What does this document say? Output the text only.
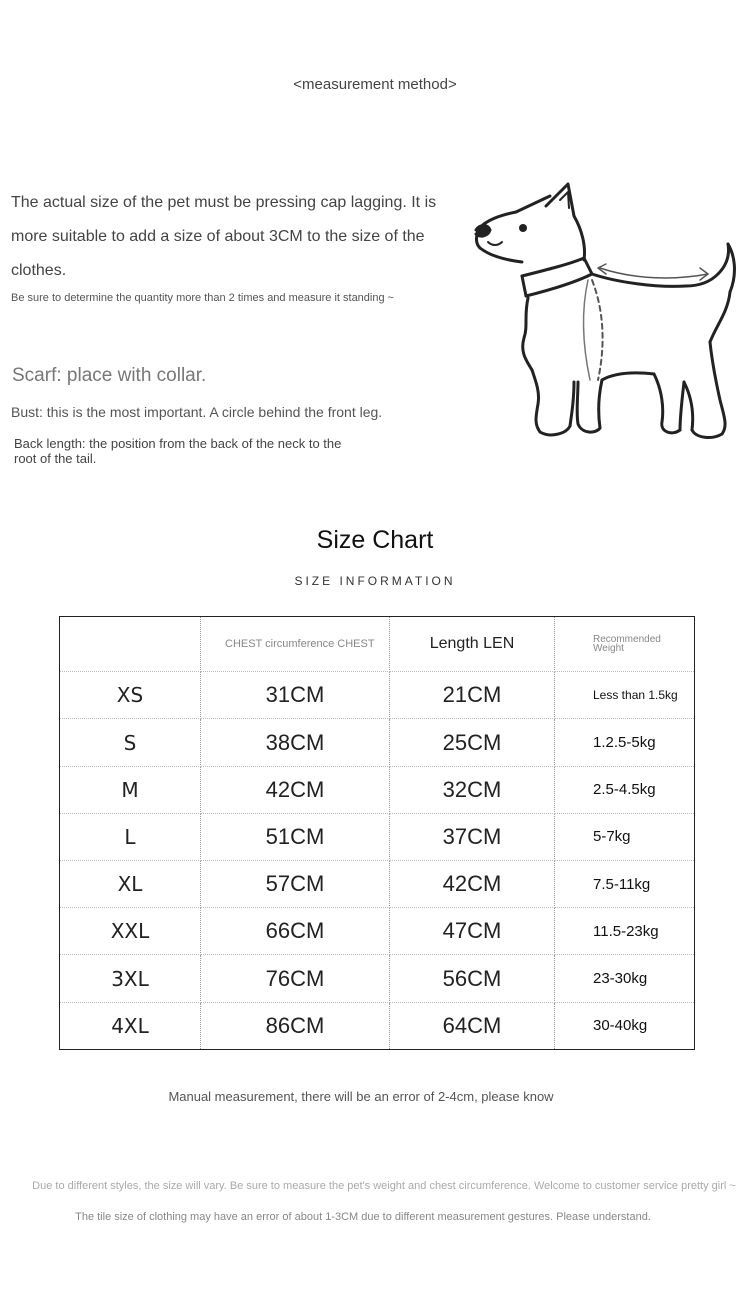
<measurement method>
The actual size of the pet must be pressing cap lagging. It is more suitable to add a size of about 3CM to the size of the clothes.
Be sure to determine the quantity more than 2 times and measure it standing ~
Scarf: place with collar.
Bust: this is the most important. A circle behind the front leg.
Back length: the position from the back of the neck to the root of the tail.
Size Chart
SIZE INFORMATION
	CHEST circumference CHEST	Length LEN	Recommended Weight
XS	31CM	21CM	Less than 1.5kg
S	38CM	25CM	1.2.5-5kg
M	42CM	32CM	2.5-4.5kg
L	51CM	37CM	5-7kg
XL	57CM	42CM	7.5-11kg
XXL	66CM	47CM	11.5-23kg
3XL	76CM	56CM	23-30kg
4XL	86CM	64CM	30-40kg
Manual measurement, there will be an error of 2-4cm, please know
Due to different styles, the size will vary. Be sure to measure the pet's weight and chest circumference. Welcome to customer service pretty girl ~
The tile size of clothing may have an error of about 1-3CM due to different measurement gestures. Please understand.
